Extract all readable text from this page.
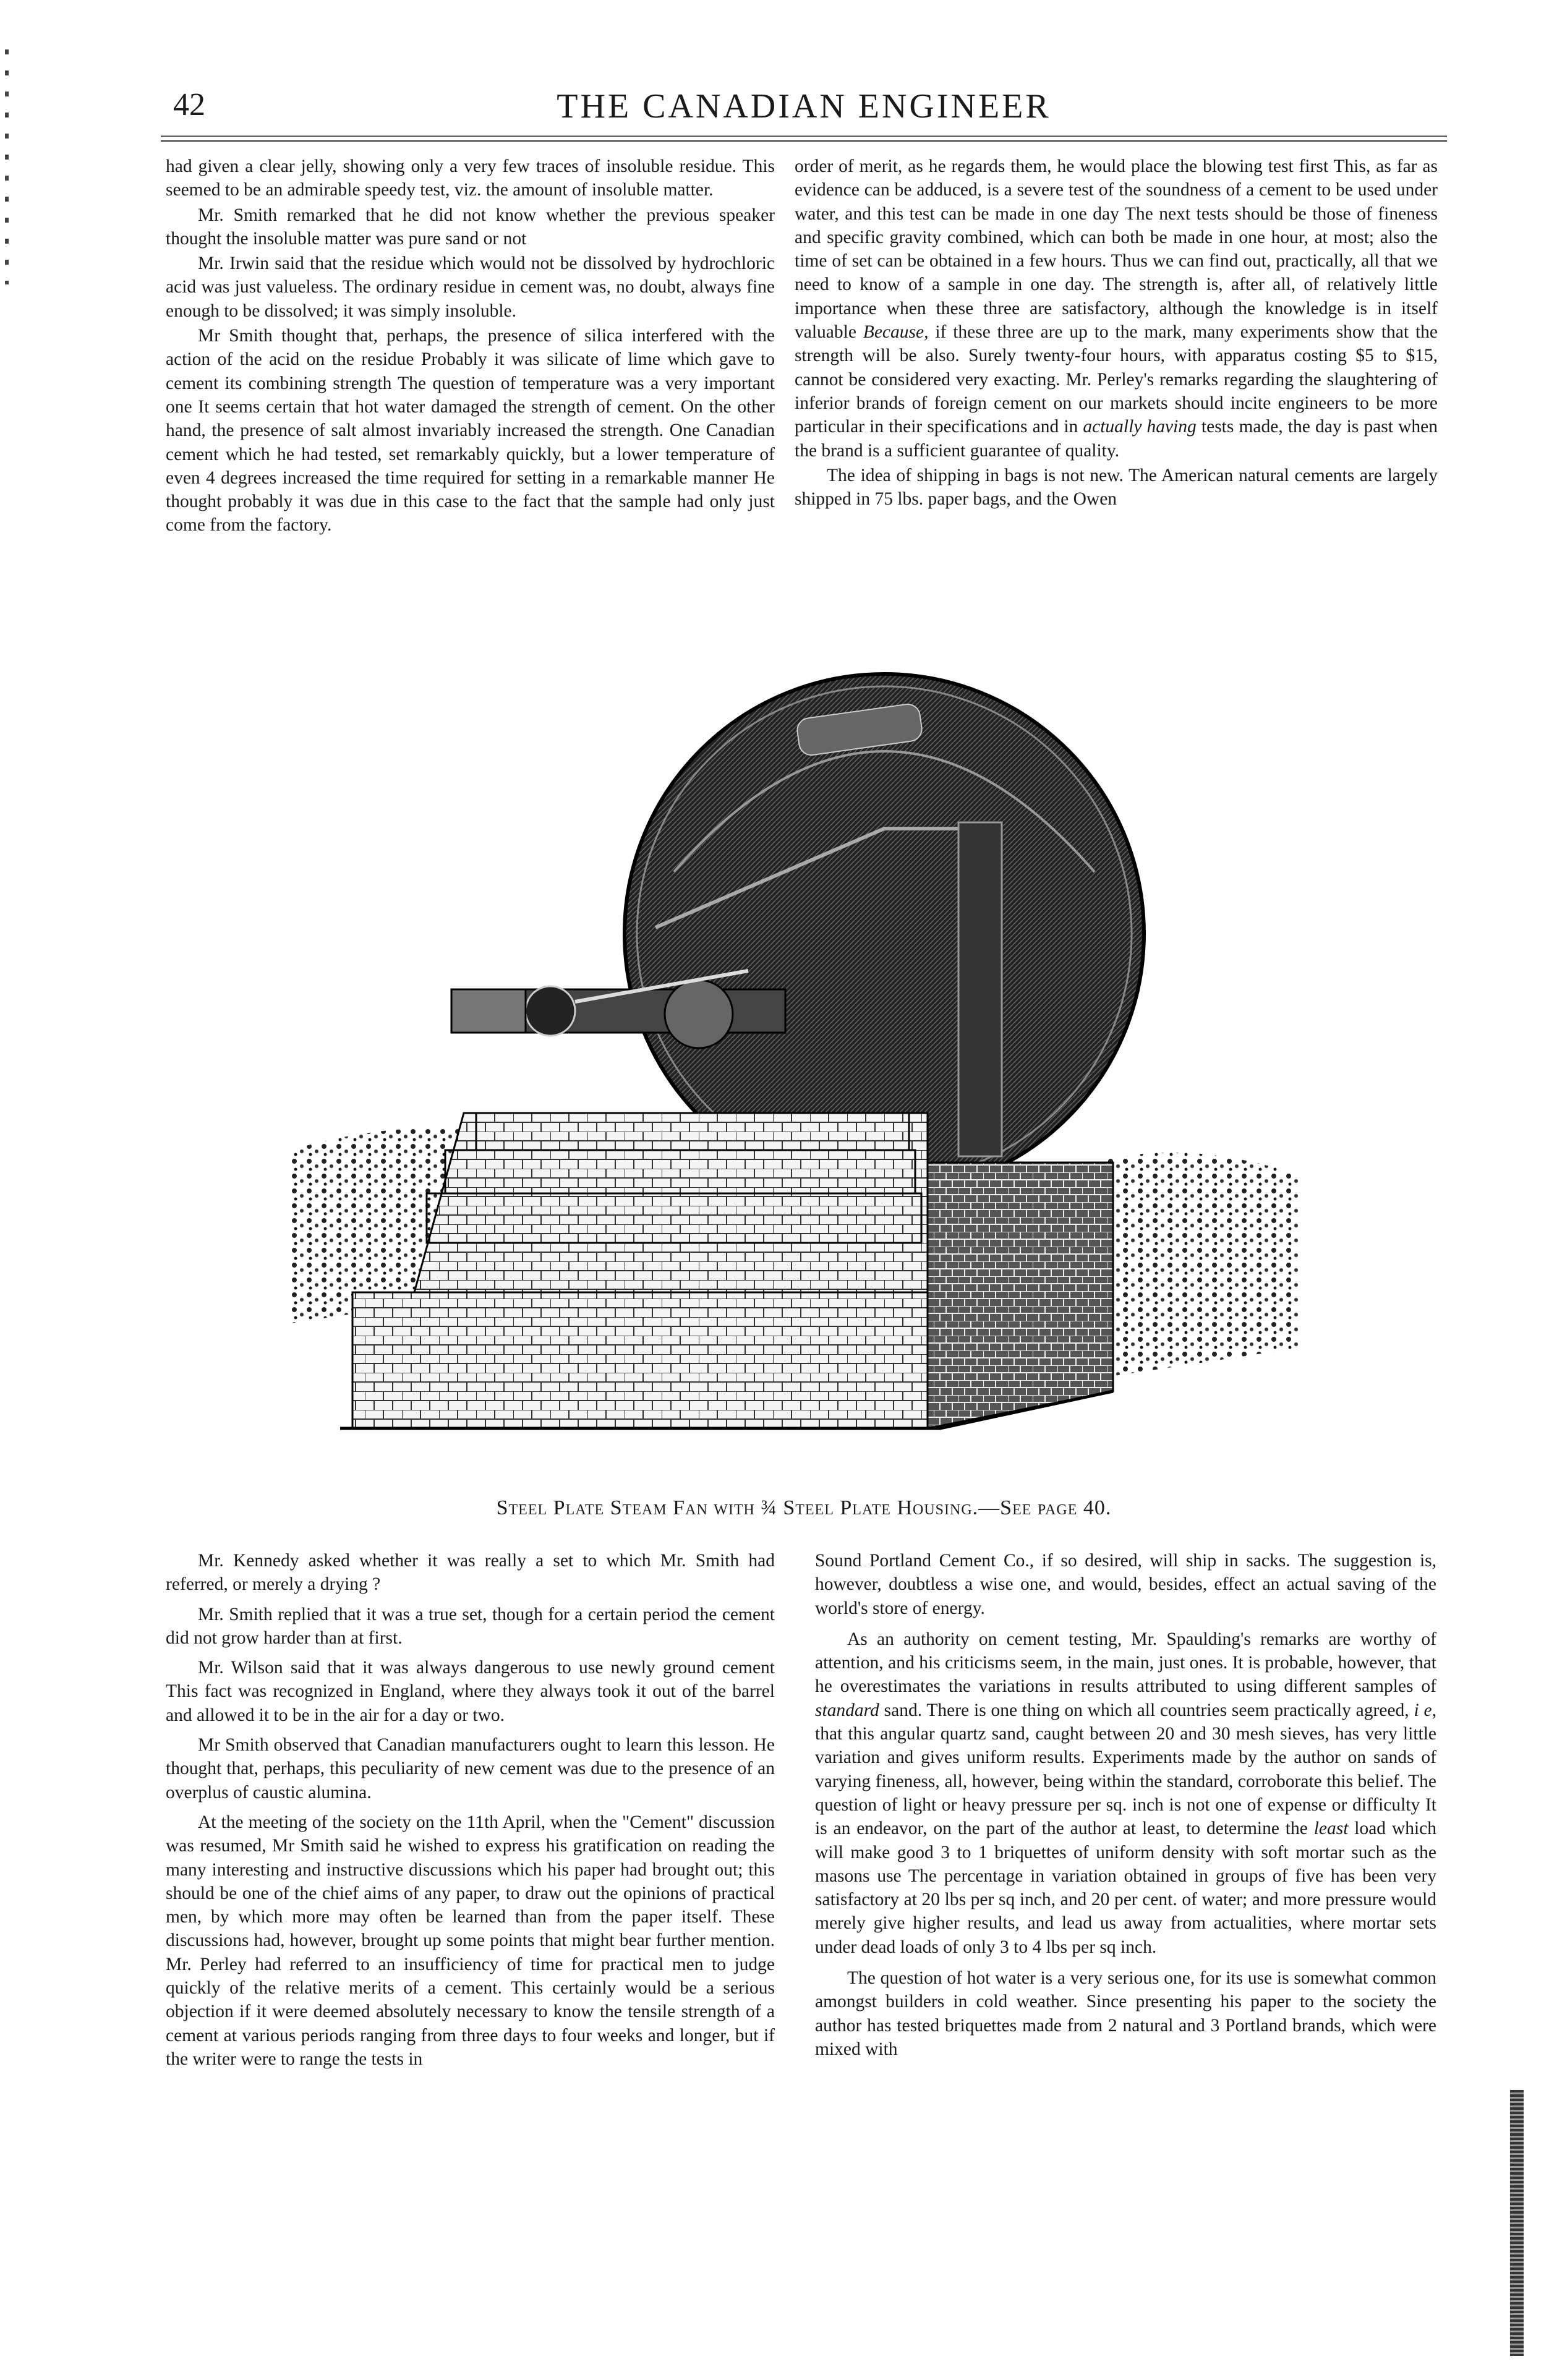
42	THE CANADIAN ENGINEER

had given a clear jelly, showing only a very few traces of insoluble residue. This seemed to be an admirable speedy test, viz. the amount of insoluble matter.

Mr. Smith remarked that he did not know whether the previous speaker thought the insoluble matter was pure sand or not

Mr. Irwin said that the residue which would not be dissolved by hydrochloric acid was just valueless. The ordinary residue in cement was, no doubt, always fine enough to be dissolved; it was simply insoluble.

Mr Smith thought that, perhaps, the presence of silica interfered with the action of the acid on the residue Probably it was silicate of lime which gave to cement its combining strength The question of temperature was a very important one It seems certain that hot water damaged the strength of cement. On the other hand, the presence of salt almost invariably increased the strength. One Canadian cement which he had tested, set remarkably quickly, but a lower temperature of even 4 degrees increased the time required for setting in a remarkable manner He thought probably it was due in this case to the fact that the sample had only just come from the factory.

order of merit, as he regards them, he would place the blowing test first This, as far as evidence can be adduced, is a severe test of the soundness of a cement to be used under water, and this test can be made in one day The next tests should be those of fineness and specific gravity combined, which can both be made in one hour, at most; also the time of set can be obtained in a few hours. Thus we can find out, practically, all that we need to know of a sample in one day. The strength is, after all, of relatively little importance when these three are satisfactory, although the knowledge is in itself valuable Because, if these three are up to the mark, many experiments show that the strength will be also. Surely twenty-four hours, with apparatus costing $5 to $15, cannot be considered very exacting. Mr. Perley's remarks regarding the slaughtering of inferior brands of foreign cement on our markets should incite engineers to be more particular in their specifications and in actually having tests made, the day is past when the brand is a sufficient guarantee of quality.

The idea of shipping in bags is not new. The American natural cements are largely shipped in 75 lbs. paper bags, and the Owen

Steel Plate Steam Fan with ¾ Steel Plate Housing.—See page 40.

Mr. Kennedy asked whether it was really a set to which Mr. Smith had referred, or merely a drying ?

Mr. Smith replied that it was a true set, though for a certain period the cement did not grow harder than at first.

Mr. Wilson said that it was always dangerous to use newly ground cement This fact was recognized in England, where they always took it out of the barrel and allowed it to be in the air for a day or two.

Mr Smith observed that Canadian manufacturers ought to learn this lesson. He thought that, perhaps, this peculiarity of new cement was due to the presence of an overplus of caustic alumina.

At the meeting of the society on the 11th April, when the "Cement" discussion was resumed, Mr Smith said he wished to express his gratification on reading the many interesting and instructive discussions which his paper had brought out; this should be one of the chief aims of any paper, to draw out the opinions of practical men, by which more may often be learned than from the paper itself. These discussions had, however, brought up some points that might bear further mention. Mr. Perley had referred to an insufficiency of time for practical men to judge quickly of the relative merits of a cement. This certainly would be a serious objection if it were deemed absolutely necessary to know the tensile strength of a cement at various periods ranging from three days to four weeks and longer, but if the writer were to range the tests in

Sound Portland Cement Co., if so desired, will ship in sacks. The suggestion is, however, doubtless a wise one, and would, besides, effect an actual saving of the world's store of energy.

As an authority on cement testing, Mr. Spaulding's remarks are worthy of attention, and his criticisms seem, in the main, just ones. It is probable, however, that he overestimates the variations in results attributed to using different samples of standard sand. There is one thing on which all countries seem practically agreed, i e, that this angular quartz sand, caught between 20 and 30 mesh sieves, has very little variation and gives uniform results. Experiments made by the author on sands of varying fineness, all, however, being within the standard, corroborate this belief. The question of light or heavy pressure per sq. inch is not one of expense or difficulty It is an endeavor, on the part of the author at least, to determine the least load which will make good 3 to 1 briquettes of uniform density with soft mortar such as the masons use The percentage in variation obtained in groups of five has been very satisfactory at 20 lbs per sq inch, and 20 per cent. of water; and more pressure would merely give higher results, and lead us away from actualities, where mortar sets under dead loads of only 3 to 4 lbs per sq inch.

The question of hot water is a very serious one, for its use is somewhat common amongst builders in cold weather. Since presenting his paper to the society the author has tested briquettes made from 2 natural and 3 Portland brands, which were mixed with
